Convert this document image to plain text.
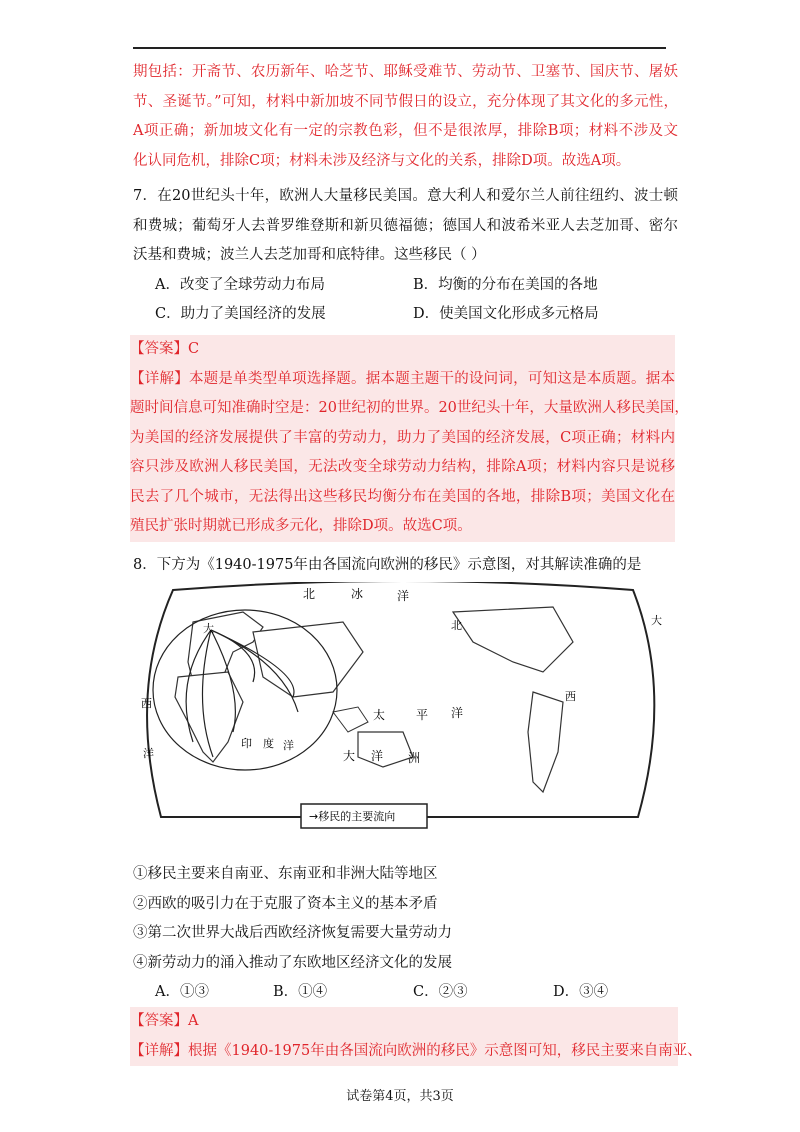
期包括：开斋节、农历新年、哈芝节、耶稣受难节、劳动节、卫塞节、国庆节、屠妖
节、圣诞节。”可知，材料中新加坡不同节假日的设立，充分体现了其文化的多元性，
A项正确；新加坡文化有一定的宗教色彩，但不是很浓厚，排除B项；材料不涉及文
化认同危机，排除C项；材料未涉及经济与文化的关系，排除D项。故选A项。
7．在20世纪头十年，欧洲人大量移民美国。意大利人和爱尔兰人前往纽约、波士顿
和费城；葡萄牙人去普罗维登斯和新贝德福德；德国人和波希米亚人去芝加哥、密尔
沃基和费城；波兰人去芝加哥和底特律。这些移民（ ）
A．改变了全球劳动力布局	B．均衡的分布在美国的各地
C．助力了美国经济的发展	D．使美国文化形成多元格局
【答案】C
【详解】本题是单类型单项选择题。据本题主题干的设问词，可知这是本质题。据本
题时间信息可知准确时空是：20世纪初的世界。20世纪头十年，大量欧洲人移民美国，
为美国的经济发展提供了丰富的劳动力，助力了美国的经济发展，C项正确；材料内
容只涉及欧洲人移民美国，无法改变全球劳动力结构，排除A项；材料内容只是说移
民去了几个城市，无法得出这些移民均衡分布在美国的各地，排除B项；美国文化在
殖民扩张时期就已形成多元化，排除D项。故选C项。
8．下方为《1940-1975年由各国流向欧洲的移民》示意图，对其解读准确的是
北	冰	洋
大
西
洋
印 度 洋
太	平 洋
大 洋 洲
北	大
西
→移民的主要流向
①移民主要来自南亚、东南亚和非洲大陆等地区
②西欧的吸引力在于克服了资本主义的基本矛盾
③第二次世界大战后西欧经济恢复需要大量劳动力
④新劳动力的涌入推动了东欧地区经济文化的发展
A．①③	B．①④	C．②③	D．③④
【答案】A
【详解】根据《1940-1975年由各国流向欧洲的移民》示意图可知，移民主要来自南亚、
试卷第4页，共3页
